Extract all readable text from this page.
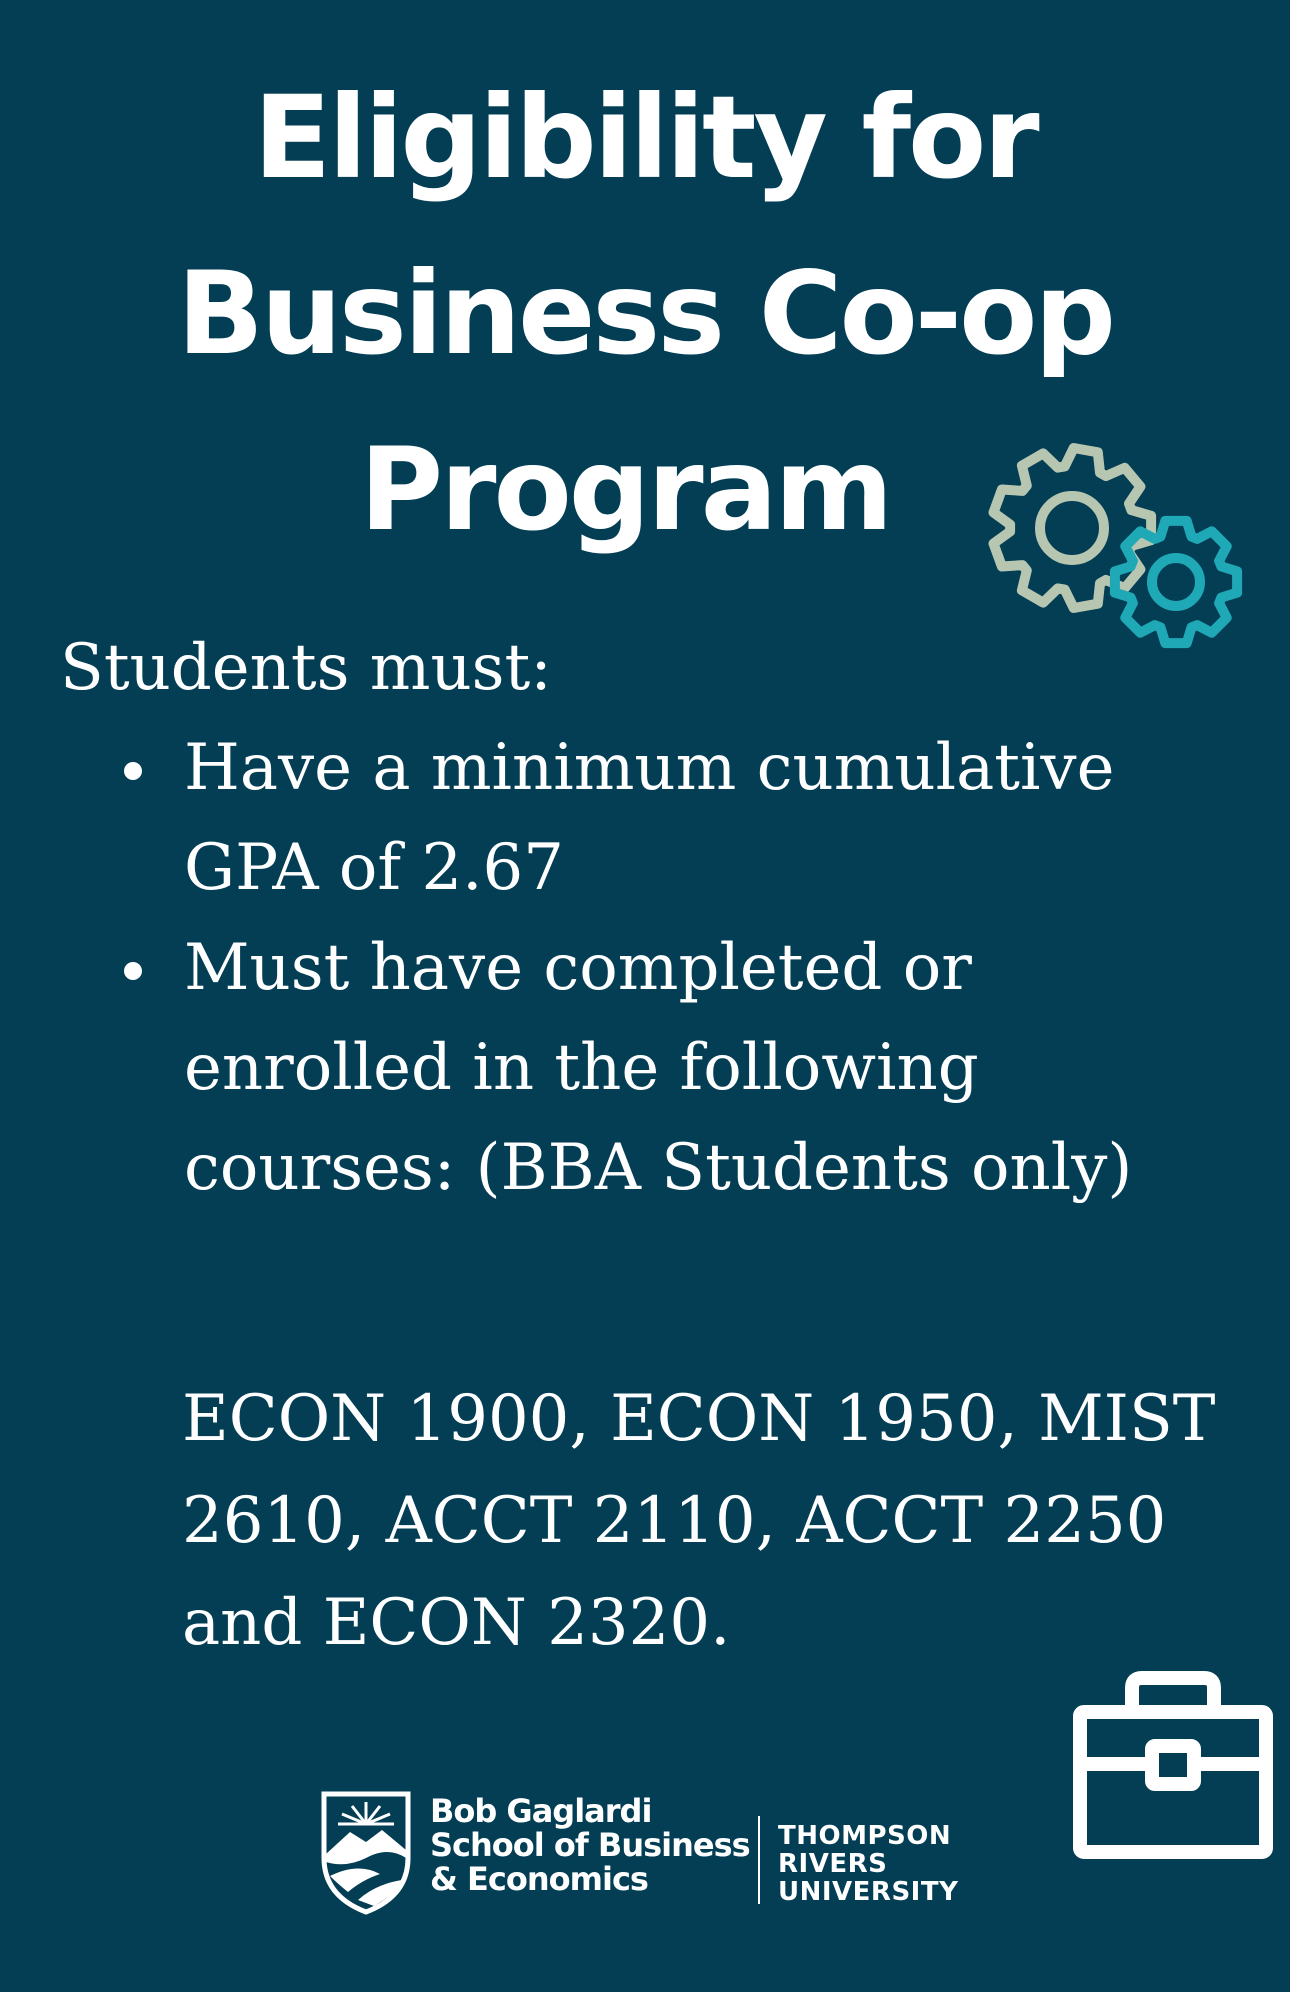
Eligibility for
Business Co-op
Program
Students must:
Have a minimum cumulative GPA of 2.67
Must have completed or enrolled in the following courses: (BBA Students only)
ECON 1900, ECON 1950, MIST 2610, ACCT 2110, ACCT 2250 and ECON 2320.
Bob Gaglardi
School of Business
& Economics
THOMPSON
RIVERS
UNIVERSITY
